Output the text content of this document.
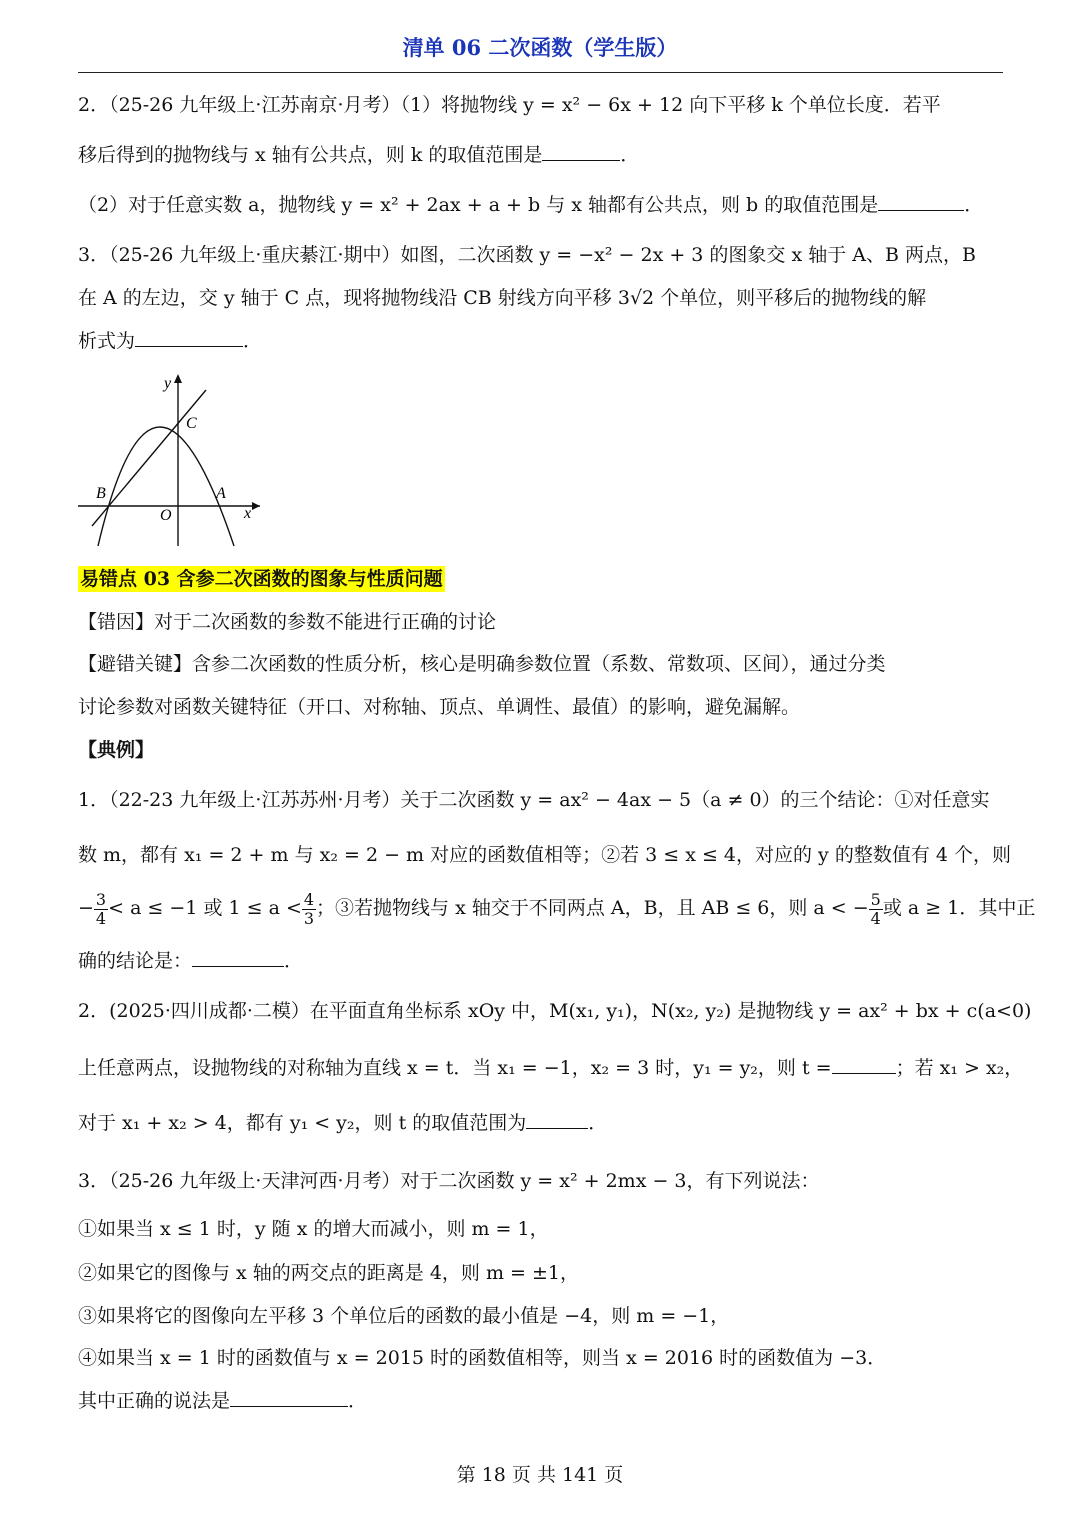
清单 06 二次函数（学生版）
2．（25-26 九年级上·江苏南京·月考）（1）将抛物线 y = x² − 6x + 12 向下平移 k 个单位长度．若平
移后得到的抛物线与 x 轴有公共点，则 k 的取值范围是	．
（2）对于任意实数 a，抛物线 y = x² + 2ax + a + b 与 x 轴都有公共点，则 b 的取值范围是	．
3．（25-26 九年级上·重庆綦江·期中）如图，二次函数 y = −x² − 2x + 3 的图象交 x 轴于 A、B 两点，B
在 A 的左边，交 y 轴于 C 点，现将抛物线沿 CB 射线方向平移 3√2 个单位，则平移后的抛物线的解
析式为	．
y
x
C
B	A
O
易错点 03 含参二次函数的图象与性质问题
【错因】对于二次函数的参数不能进行正确的讨论
【避错关键】含参二次函数的性质分析，核心是明确参数位置（系数、常数项、区间），通过分类
讨论参数对函数关键特征（开口、对称轴、顶点、单调性、最值）的影响，避免漏解。
【典例】
1．（22-23 九年级上·江苏苏州·月考）关于二次函数 y = ax² − 4ax − 5（a ≠ 0）的三个结论：①对任意实
数 m，都有 x₁ = 2 + m 与 x₂ = 2 − m 对应的函数值相等；②若 3 ≤ x ≤ 4，对应的 y 的整数值有 4 个，则
− $\frac{3}{4} < a \le -1$ 或 $1 \le a < \frac{4}{3}$ ；③若抛物线与 x 轴交于不同两点 A，B，且 AB ≤ 6，则 a < − $\frac{5}{4}$ 或 a ≥ 1．其中正
确的结论是：	．
2．(2025·四川成都·二模）在平面直角坐标系 xOy 中，M(x₁, y₁)，N(x₂, y₂) 是抛物线 y = ax² + bx + c(a<0)
上任意两点，设抛物线的对称轴为直线 x = t．当 x₁ = −1，x₂ = 3 时，y₁ = y₂，则 t =	；若 x₁ > x₂，
对于 x₁ + x₂ > 4，都有 y₁ < y₂，则 t 的取值范围为	．
3．（25-26 九年级上·天津河西·月考）对于二次函数 y = x² + 2mx − 3，有下列说法：
①如果当 x ≤ 1 时，y 随 x 的增大而减小，则 m = 1，
②如果它的图像与 x 轴的两交点的距离是 4，则 m = ±1，
③如果将它的图像向左平移 3 个单位后的函数的最小值是 −4，则 m = −1，
④如果当 x = 1 时的函数值与 x = 2015 时的函数值相等，则当 x = 2016 时的函数值为 −3．
其中正确的说法是	．
第 18 页 共 141 页
